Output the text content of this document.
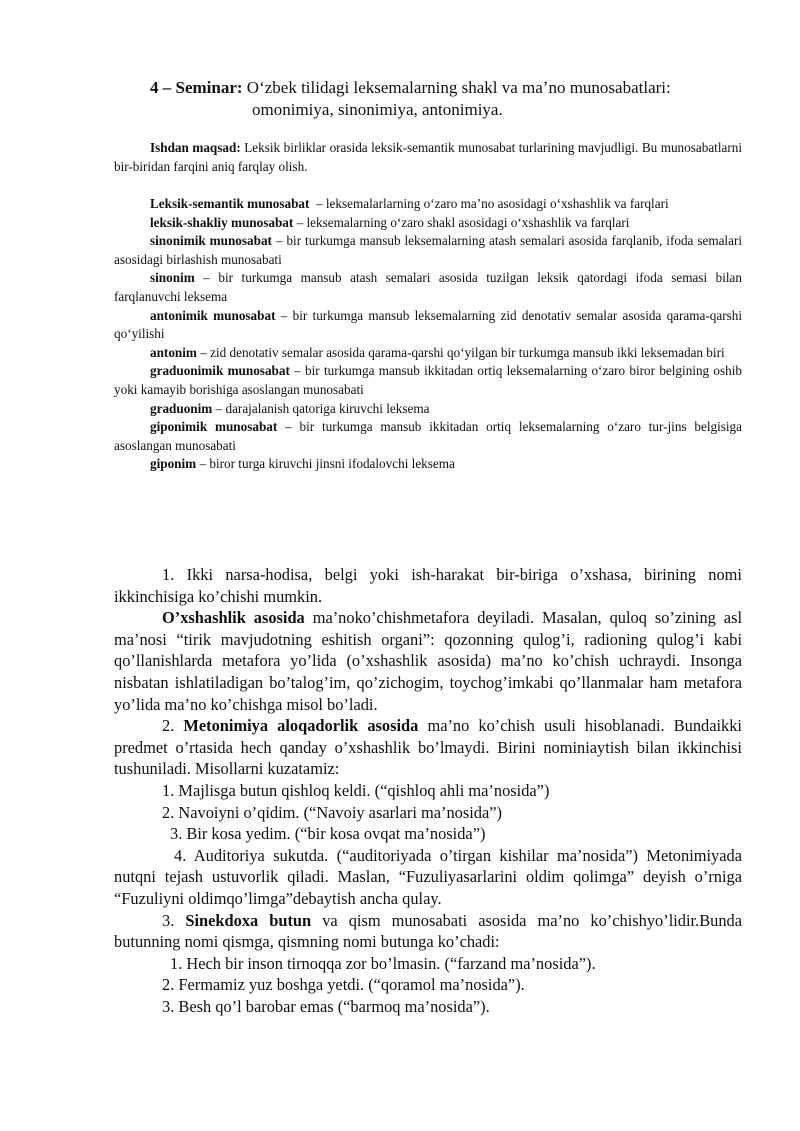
4 – Seminar: Oʻzbek tilidagi leksemalarning shakl va maʼno munosabatlari:
omonimiya, sinonimiya, antonimiya.

Ishdan maqsad: Leksik birliklar orasida leksik-semantik munosabat turlarining mavjudligi. Bu munosabatlarni bir-biridan farqini aniq farqlay olish.

Leksik-semantik munosabat – leksemalarlarning oʻzaro maʼno asosidagi oʻxshashlik va farqlari

leksik-shakliy munosabat – leksemalarning oʻzaro shakl asosidagi oʻxshashlik va farqlari

sinonimik munosabat – bir turkumga mansub leksemalarning atash semalari asosida farqlanib, ifoda semalari asosidagi birlashish munosabati

sinonim – bir turkumga mansub atash semalari asosida tuzilgan leksik qatordagi ifoda semasi bilan farqlanuvchi leksema

antonimik munosabat – bir turkumga mansub leksemalarning zid denotativ semalar asosida qarama-qarshi qoʻyilishi

antonim – zid denotativ semalar asosida qarama-qarshi qoʻyilgan bir turkumga mansub ikki leksemadan biri

graduonimik munosabat – bir turkumga mansub ikkitadan ortiq leksemalarning oʻzaro biror belgining oshib yoki kamayib borishiga asoslangan munosabati

graduonim – darajalanish qatoriga kiruvchi leksema

giponimik munosabat – bir turkumga mansub ikkitadan ortiq leksemalarning oʻzaro tur-jins belgisiga asoslangan munosabati

giponim – biror turga kiruvchi jinsni ifodalovchi leksema

1. Ikki narsa-hodisa, belgi yoki ish-harakat bir-biriga o’xshasa, birining nomi ikkinchisiga ko’chishi mumkin.

O’xshashlik asosida ma’noko’chishmetafora deyiladi. Masalan, quloq so’zining asl ma’nosi “tirik mavjudotning eshitish organi”: qozonning qulog’i, radioning qulog’i kabi qo’llanishlarda metafora yo’lida (o’xshashlik asosida) ma’no ko’chish uchraydi. Insonga nisbatan ishlatiladigan bo’talog’im, qo’zichogim, toychog’imkabi qo’llanmalar ham metafora yo’lida ma’no ko’chishga misol bo’ladi.

2. Metonimiya aloqadorlik asosida ma’no ko’chish usuli hisoblanadi. Bundaikki predmet o’rtasida hech qanday o’xshashlik bo’lmaydi. Birini nominiaytish bilan ikkinchisi tushuniladi. Misollarni kuzatamiz:

1. Majlisga butun qishloq keldi. (“qishloq ahli ma’nosida”)

2. Navoiyni o’qidim. (“Navoiy asarlari ma’nosida”)

3. Bir kosa yedim. (“bir kosa ovqat ma’nosida”)

4. Auditoriya sukutda. (“auditoriyada o’tirgan kishilar ma’nosida”) Metonimiyada nutqni tejash ustuvorlik qiladi. Maslan, “Fuzuliyasarlarini oldim qolimga” deyish o’rniga “Fuzuliyni oldimqo’limga”debaytish ancha qulay.

3. Sinekdoxa butun va qism munosabati asosida ma’no ko’chishyo’lidir.Bunda butunning nomi qismga, qismning nomi butunga ko’chadi:

1. Hech bir inson tirnoqqa zor bo’lmasin. (“farzand ma’nosida”).

2. Fermamiz yuz boshga yetdi. (“qoramol ma’nosida”).

3. Besh qo’l barobar emas (“barmoq ma’nosida”).
